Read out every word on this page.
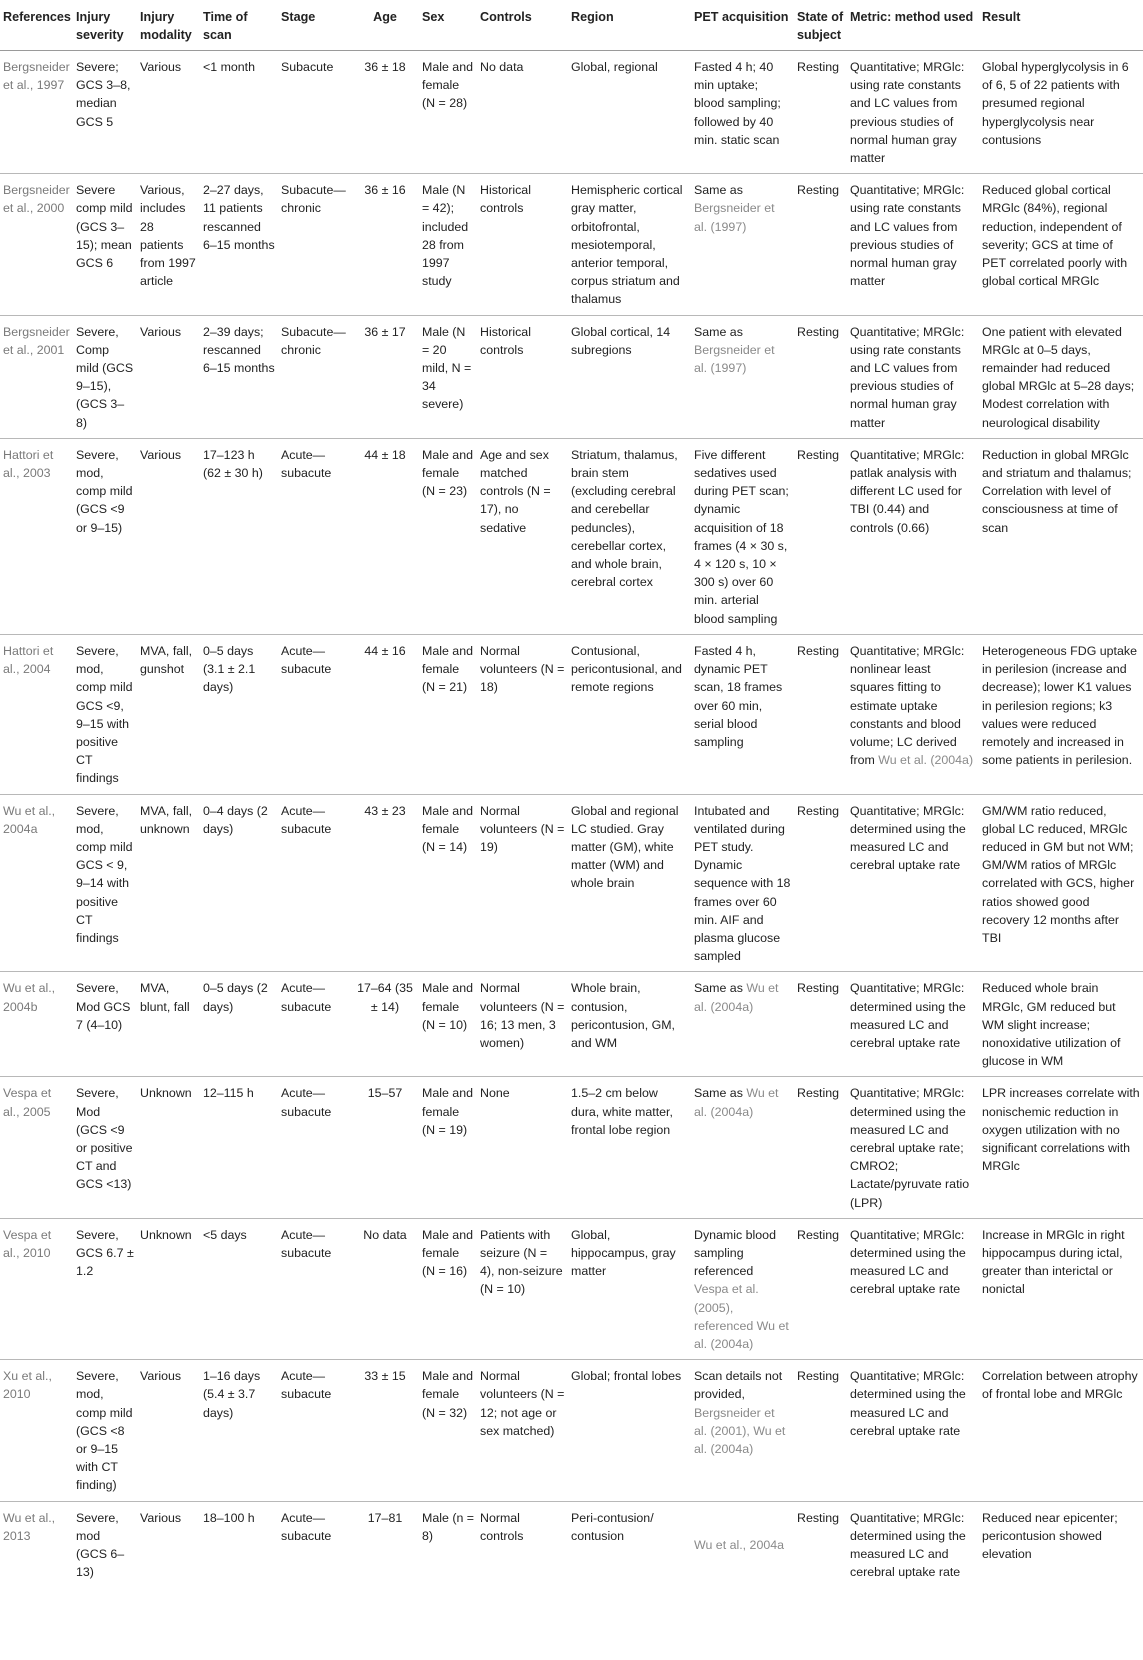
References	Injury severity	Injury modality	Time of scan	Stage	Age	Sex	Controls	Region	PET acquisition	State of subject	Metric: method used	Result
Bergsneider et al., 1997	Severe; GCS 3–8, median GCS 5	Various	<1 month	Subacute	36 ± 18	Male and female (N = 28)	No data	Global, regional	Fasted 4 h; 40 min uptake; blood sampling; followed by 40 min. static scan	Resting	Quantitative; MRGlc: using rate constants and LC values from previous studies of normal human gray matter	Global hyperglycolysis in 6 of 6, 5 of 22 patients with presumed regional hyperglycolysis near contusions
Bergsneider et al., 2000	Severe comp mild (GCS 3–15); mean GCS 6	Various, includes 28 patients from 1997 article	2–27 days, 11 patients rescanned 6–15 months	Subacute—chronic	36 ± 16	Male (N = 42); included 28 from 1997 study	Historical controls	Hemispheric cortical gray matter, orbitofrontal, mesiotemporal, anterior temporal, corpus striatum and thalamus	Same as Bergsneider et al. (1997)	Resting	Quantitative; MRGlc: using rate constants and LC values from previous studies of normal human gray matter	Reduced global cortical MRGlc (84%), regional reduction, independent of severity; GCS at time of PET correlated poorly with global cortical MRGlc
Bergsneider et al., 2001	Severe, Comp mild (GCS 9–15), (GCS 3–8)	Various	2–39 days; rescanned 6–15 months	Subacute—chronic	36 ± 17	Male (N = 20 mild, N = 34 severe)	Historical controls	Global cortical, 14 subregions	Same as Bergsneider et al. (1997)	Resting	Quantitative; MRGlc: using rate constants and LC values from previous studies of normal human gray matter	One patient with elevated MRGlc at 0–5 days, remainder had reduced global MRGlc at 5–28 days; Modest correlation with neurological disability
Hattori et al., 2003	Severe, mod, comp mild (GCS <9 or 9–15)	Various	17–123 h (62 ± 30 h)	Acute—subacute	44 ± 18	Male and female (N = 23)	Age and sex matched controls (N = 17), no sedative	Striatum, thalamus, brain stem (excluding cerebral and cerebellar peduncles), cerebellar cortex, and whole brain, cerebral cortex	Five different sedatives used during PET scan; dynamic acquisition of 18 frames (4 × 30 s, 4 × 120 s, 10 × 300 s) over 60 min. arterial blood sampling	Resting	Quantitative; MRGlc: patlak analysis with different LC used for TBI (0.44) and controls (0.66)	Reduction in global MRGlc and striatum and thalamus; Correlation with level of consciousness at time of scan
Hattori et al., 2004	Severe, mod, comp mild GCS <9, 9–15 with positive CT findings	MVA, fall, gunshot	0–5 days (3.1 ± 2.1 days)	Acute—subacute	44 ± 16	Male and female (N = 21)	Normal volunteers (N = 18)	Contusional, pericontusional, and remote regions	Fasted 4 h, dynamic PET scan, 18 frames over 60 min, serial blood sampling	Resting	Quantitative; MRGlc: nonlinear least squares fitting to estimate uptake constants and blood volume; LC derived from Wu et al. (2004a)	Heterogeneous FDG uptake in perilesion (increase and decrease); lower K1 values in perilesion regions; k3 values were reduced remotely and increased in some patients in perilesion.
Wu et al., 2004a	Severe, mod, comp mild GCS < 9, 9–14 with positive CT findings	MVA, fall, unknown	0–4 days (2 days)	Acute—subacute	43 ± 23	Male and female (N = 14)	Normal volunteers (N = 19)	Global and regional LC studied. Gray matter (GM), white matter (WM) and whole brain	Intubated and ventilated during PET study. Dynamic sequence with 18 frames over 60 min. AIF and plasma glucose sampled	Resting	Quantitative; MRGlc: determined using the measured LC and cerebral uptake rate	GM/WM ratio reduced, global LC reduced, MRGlc reduced in GM but not WM; GM/WM ratios of MRGlc correlated with GCS, higher ratios showed good recovery 12 months after TBI
Wu et al., 2004b	Severe, Mod GCS 7 (4–10)	MVA, blunt, fall	0–5 days (2 days)	Acute—subacute	17–64 (35 ± 14)	Male and female (N = 10)	Normal volunteers (N = 16; 13 men, 3 women)	Whole brain, contusion, pericontusion, GM, and WM	Same as Wu et al. (2004a)	Resting	Quantitative; MRGlc: determined using the measured LC and cerebral uptake rate	Reduced whole brain MRGlc, GM reduced but WM slight increase; nonoxidative utilization of glucose in WM
Vespa et al., 2005	Severe, Mod (GCS <9 or positive CT and GCS <13)	Unknown	12–115 h	Acute—subacute	15–57	Male and female (N = 19)	None	1.5–2 cm below dura, white matter, frontal lobe region	Same as Wu et al. (2004a)	Resting	Quantitative; MRGlc: determined using the measured LC and cerebral uptake rate; CMRO2; Lactate/pyruvate ratio (LPR)	LPR increases correlate with nonischemic reduction in oxygen utilization with no significant correlations with MRGlc
Vespa et al., 2010	Severe, GCS 6.7 ± 1.2	Unknown	<5 days	Acute—subacute	No data	Male and female (N = 16)	Patients with seizure (N = 4), non-seizure (N = 10)	Global, hippocampus, gray matter	Dynamic blood sampling referenced Vespa et al. (2005), referenced Wu et al. (2004a)	Resting	Quantitative; MRGlc: determined using the measured LC and cerebral uptake rate	Increase in MRGlc in right hippocampus during ictal, greater than interictal or nonictal
Xu et al., 2010	Severe, mod, comp mild (GCS <8 or 9–15 with CT finding)	Various	1–16 days (5.4 ± 3.7 days)	Acute—subacute	33 ± 15	Male and female (N = 32)	Normal volunteers (N = 12; not age or sex matched)	Global; frontal lobes	Scan details not provided, Bergsneider et al. (2001), Wu et al. (2004a)	Resting	Quantitative; MRGlc: determined using the measured LC and cerebral uptake rate	Correlation between atrophy of frontal lobe and MRGlc
Wu et al., 2013	Severe, mod (GCS 6–13)	Various	18–100 h	Acute—subacute	17–81	Male (n = 8)	Normal controls	Peri-contusion/ contusion	Wu et al., 2004a	Resting	Quantitative; MRGlc: determined using the measured LC and cerebral uptake rate	Reduced near epicenter; pericontusion showed elevation
